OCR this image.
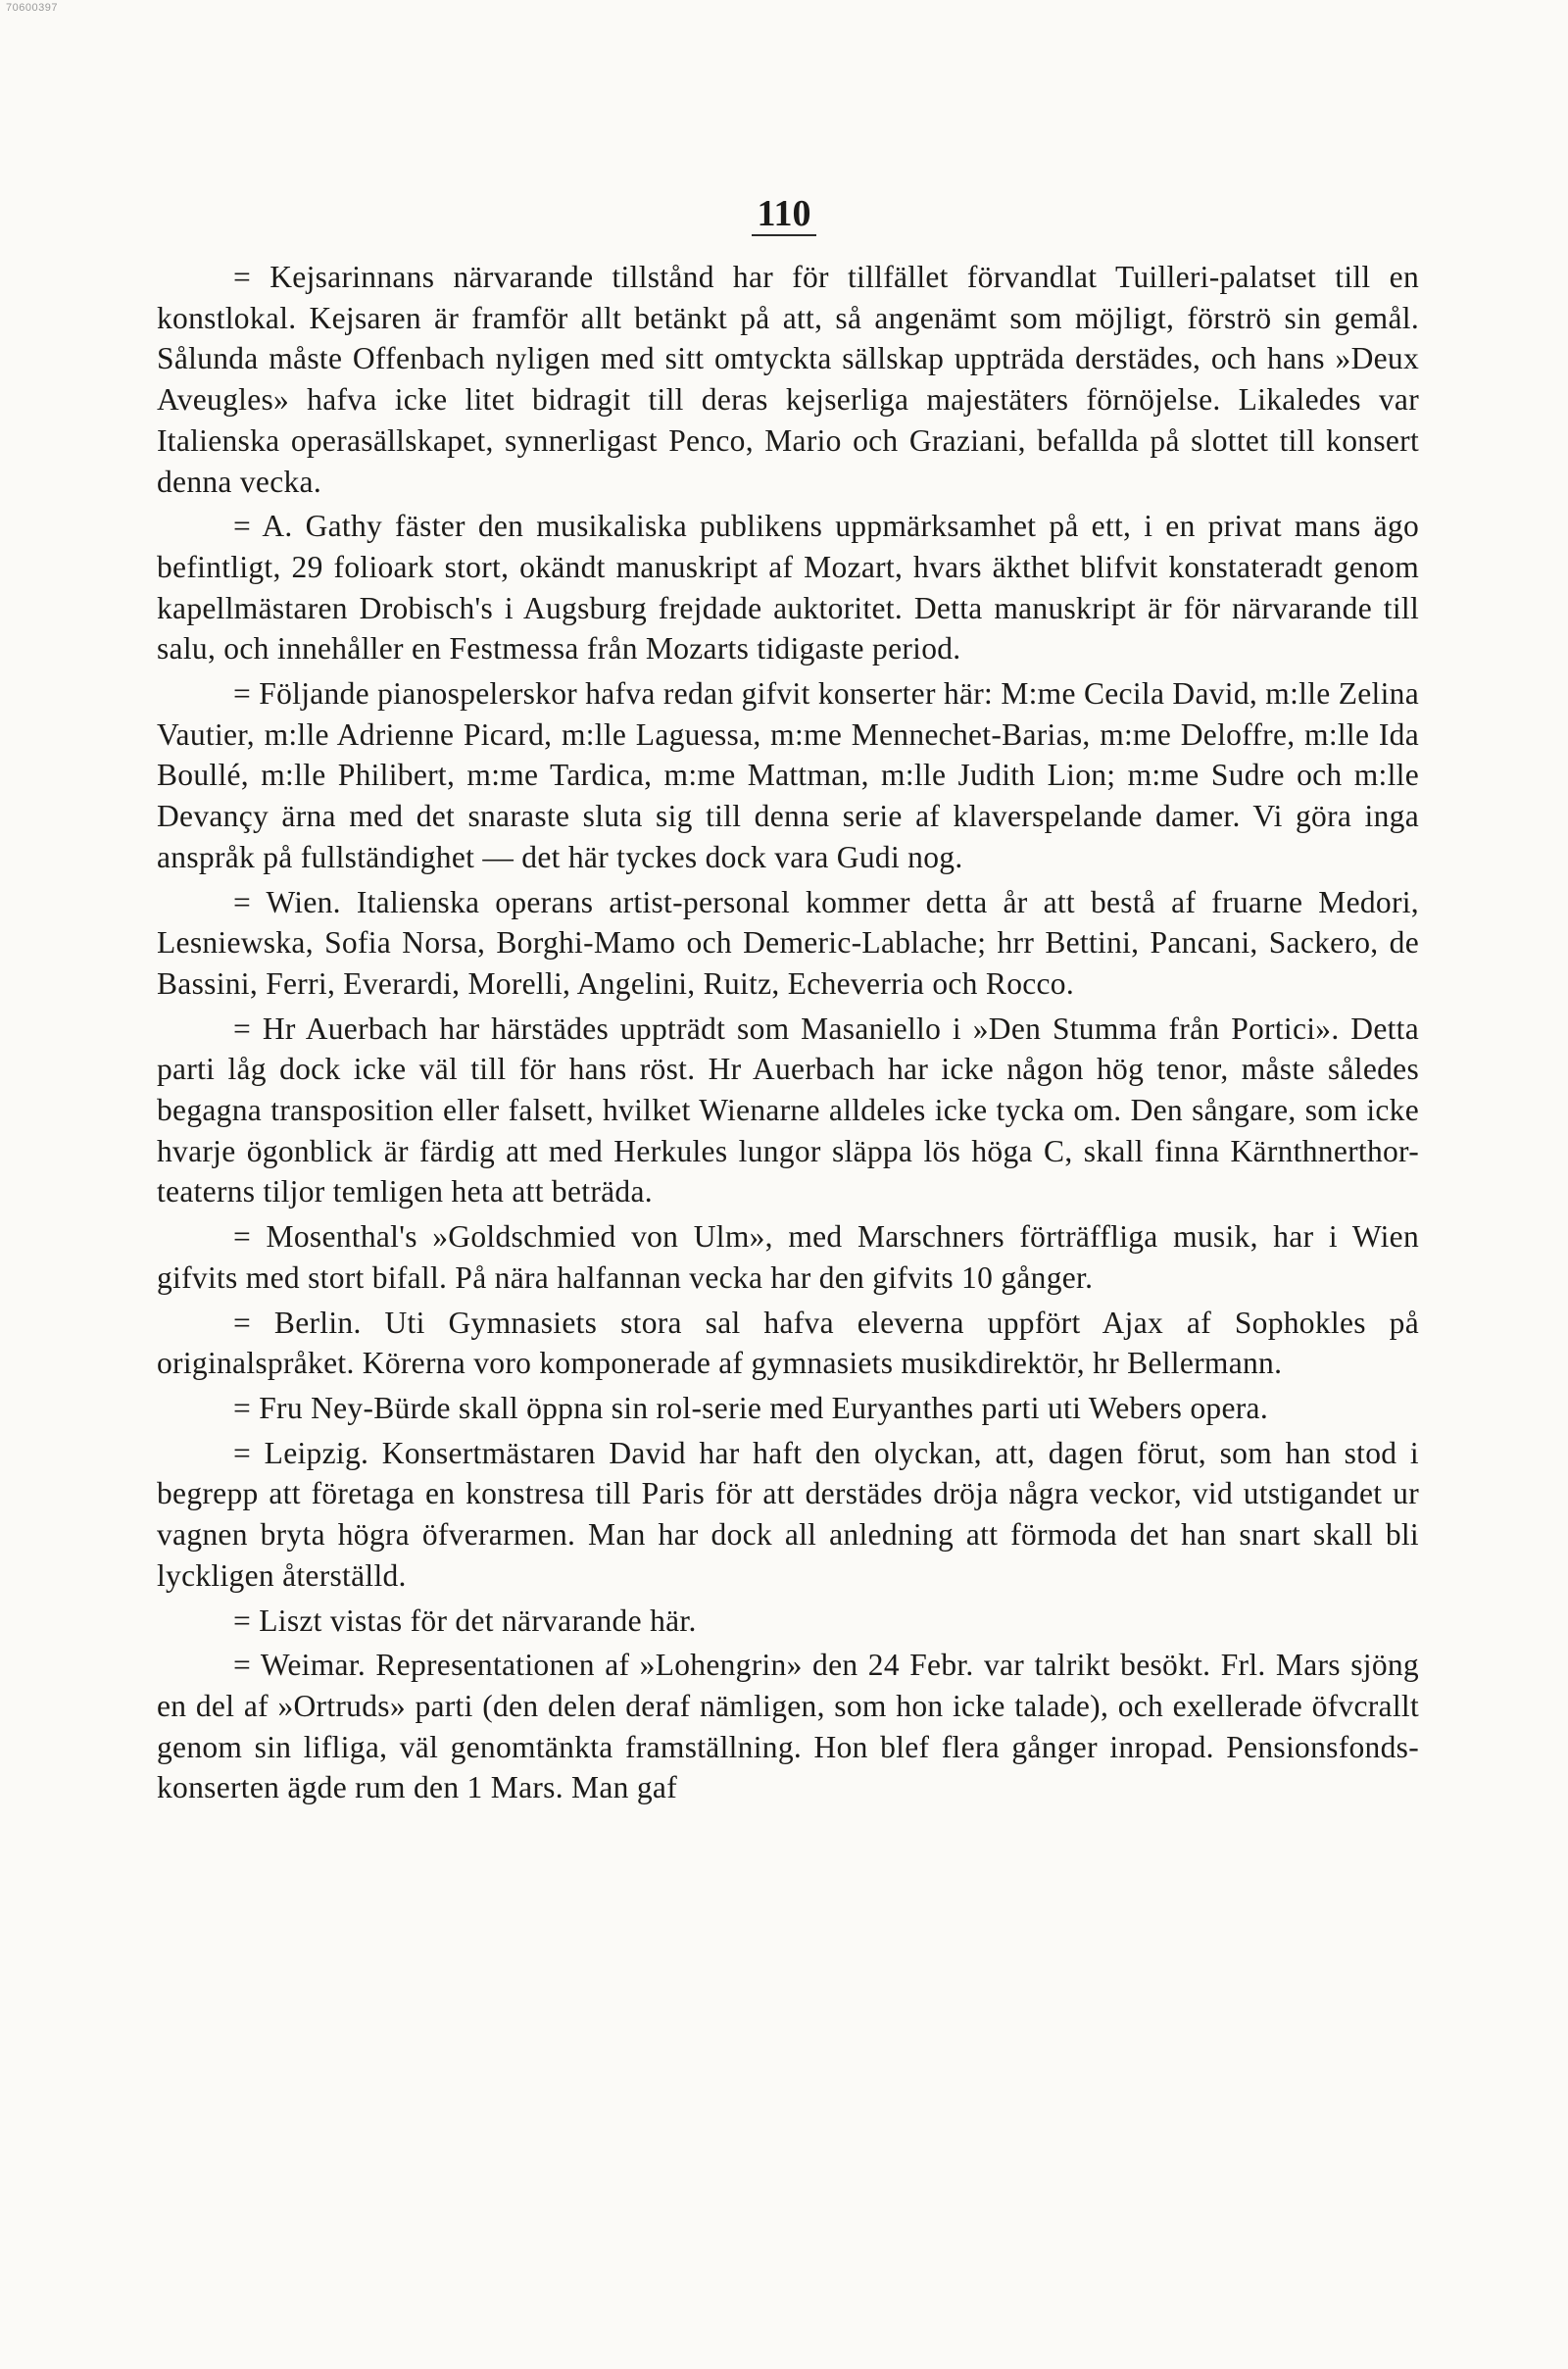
70600397
110

= Kejsarinnans närvarande tillstånd har för tillfället förvandlat Tuilleri-palatset till en konstlokal. Kejsaren är framför allt betänkt på att, så angenämt som möjligt, förströ sin gemål. Sålunda måste Offenbach nyligen med sitt omtyckta sällskap uppträda derstädes, och hans »Deux Aveugles» hafva icke litet bidragit till deras kejserliga majestäters förnöjelse. Likaledes var Italienska operasällskapet, synnerligast Penco, Mario och Graziani, befallda på slottet till konsert denna vecka.

= A. Gathy fäster den musikaliska publikens uppmärksamhet på ett, i en privat mans ägo befintligt, 29 folioark stort, okändt manuskript af Mozart, hvars äkthet blifvit konstateradt genom kapellmästaren Drobisch's i Augsburg frejdade auktoritet. Detta manuskript är för närvarande till salu, och innehåller en Festmessa från Mozarts tidigaste period.

= Följande pianospelerskor hafva redan gifvit konserter här: M:me Cecila David, m:lle Zelina Vautier, m:lle Adrienne Picard, m:lle Laguessa, m:me Mennechet-Barias, m:me Deloffre, m:lle Ida Boullé, m:lle Philibert, m:me Tardica, m:me Mattman, m:lle Judith Lion; m:me Sudre och m:lle Devançy ärna med det snaraste sluta sig till denna serie af klaverspelande damer. Vi göra inga anspråk på fullständighet — det här tyckes dock vara Gudi nog.

= Wien. Italienska operans artist-personal kommer detta år att bestå af fruarne Medori, Lesniewska, Sofia Norsa, Borghi-Mamo och Demeric-Lablache; hrr Bettini, Pancani, Sackero, de Bassini, Ferri, Everardi, Morelli, Angelini, Ruitz, Echeverria och Rocco.

= Hr Auerbach har härstädes uppträdt som Masaniello i »Den Stumma från Portici». Detta parti låg dock icke väl till för hans röst. Hr Auerbach har icke någon hög tenor, måste således begagna transposition eller falsett, hvilket Wienarne alldeles icke tycka om. Den sångare, som icke hvarje ögonblick är färdig att med Herkules lungor släppa lös höga C, skall finna Kärnthnerthor-teaterns tiljor temligen heta att beträda.

= Mosenthal's »Goldschmied von Ulm», med Marschners förträffliga musik, har i Wien gifvits med stort bifall. På nära halfannan vecka har den gifvits 10 gånger.

= Berlin. Uti Gymnasiets stora sal hafva eleverna uppfört Ajax af Sophokles på originalspråket. Körerna voro komponerade af gymnasiets musikdirektör, hr Bellermann.

= Fru Ney-Bürde skall öppna sin rol-serie med Euryanthes parti uti Webers opera.

= Leipzig. Konsertmästaren David har haft den olyckan, att, dagen förut, som han stod i begrepp att företaga en konstresa till Paris för att derstädes dröja några veckor, vid utstigandet ur vagnen bryta högra öfverarmen. Man har dock all anledning att förmoda det han snart skall bli lyckligen återställd.

= Liszt vistas för det närvarande här.

= Weimar. Representationen af »Lohengrin» den 24 Febr. var talrikt besökt. Frl. Mars sjöng en del af »Ortruds» parti (den delen deraf nämligen, som hon icke talade), och exellerade öfvcrallt genom sin lifliga, väl genomtänkta framställning. Hon blef flera gånger inropad. Pensionsfonds-konserten ägde rum den 1 Mars. Man gaf
